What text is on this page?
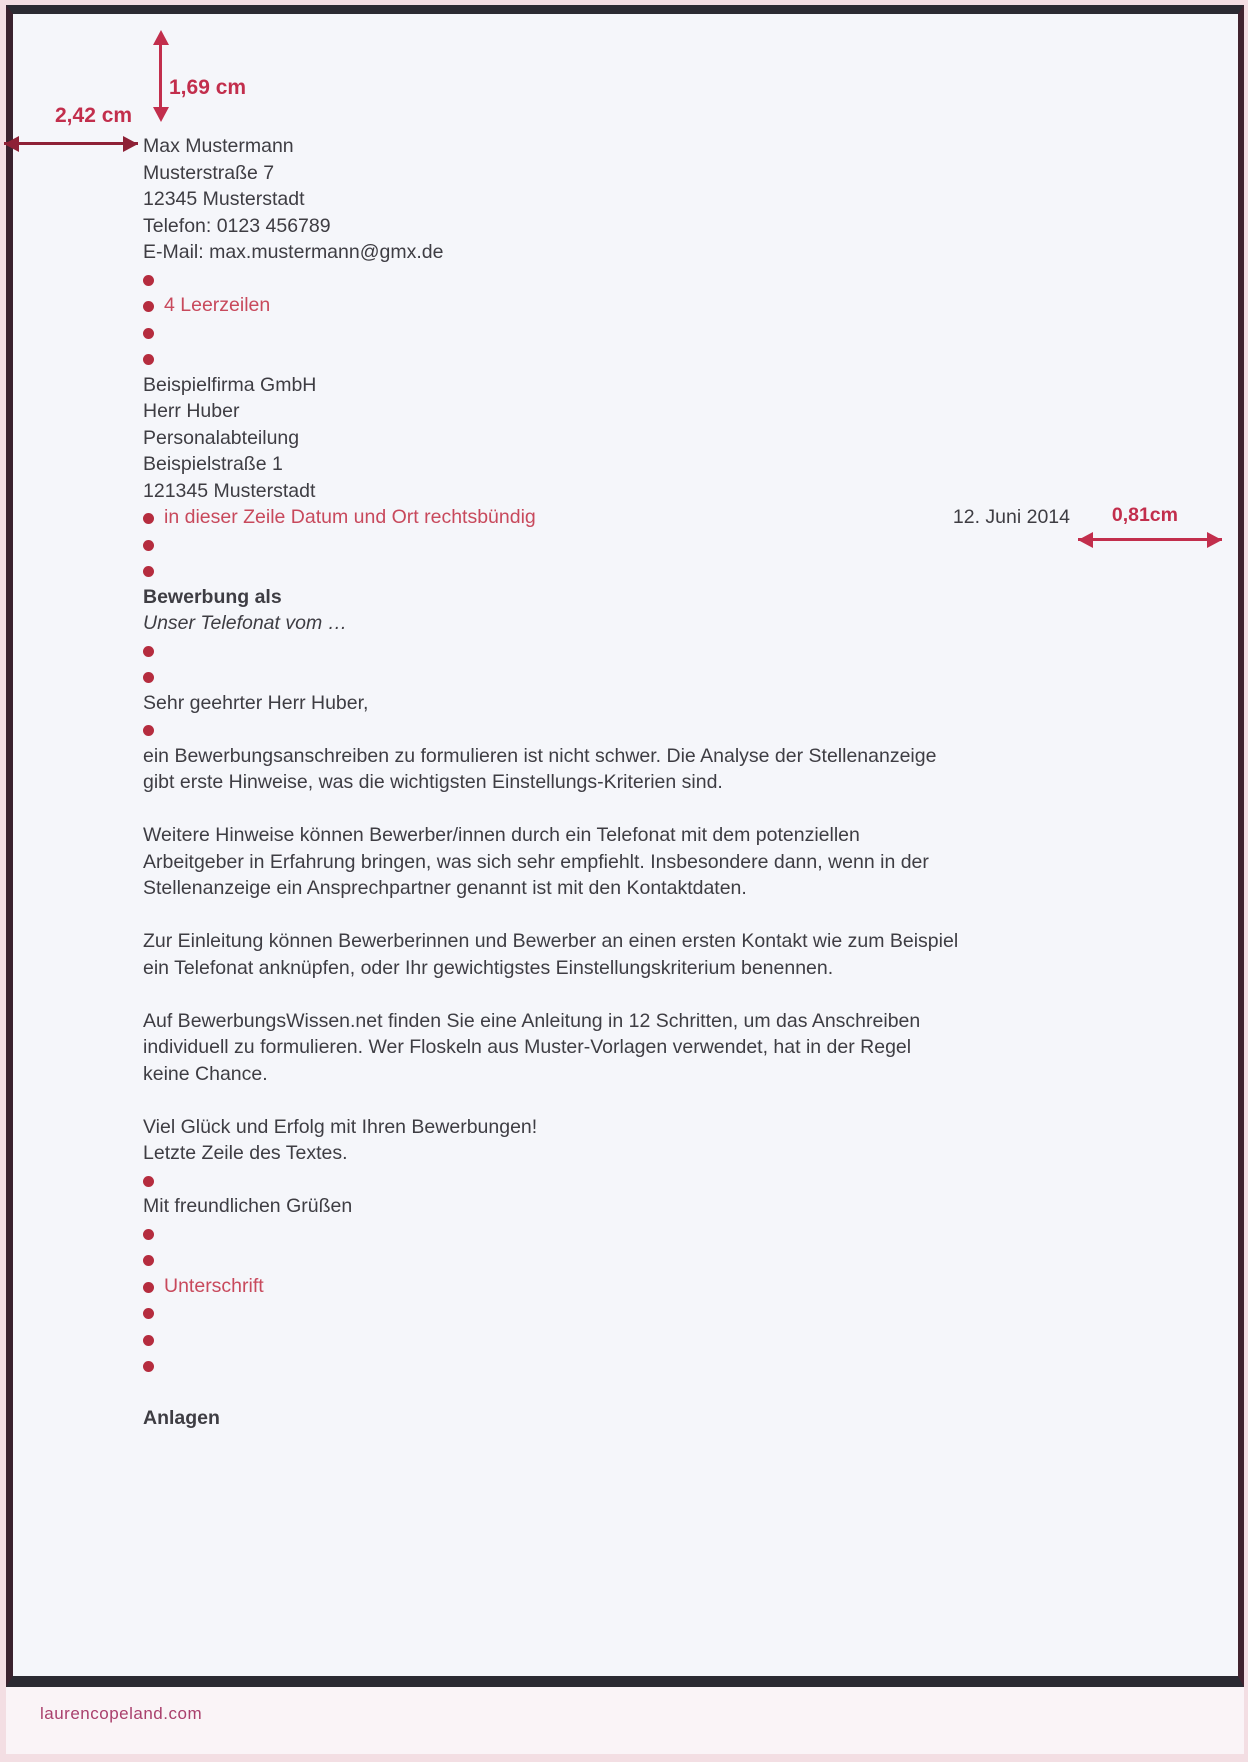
1,69 cm
2,42 cm
Max Mustermann
Musterstraße 7
12345 Musterstadt
Telefon: 0123 456789
E-Mail: max.mustermann@gmx.de
4 Leerzeilen
Beispielfirma GmbH
Herr Huber
Personalabteilung
Beispielstraße 1
121345 Musterstadt
in dieser Zeile Datum und Ort rechtsbündig	12. Juni 2014 0,81cm
Bewerbung als
Unser Telefonat vom …
Sehr geehrter Herr Huber,
ein Bewerbungsanschreiben zu formulieren ist nicht schwer. Die Analyse der Stellenanzeige
gibt erste Hinweise, was die wichtigsten Einstellungs-Kriterien sind.
Weitere Hinweise können Bewerber/innen durch ein Telefonat mit dem potenziellen
Arbeitgeber in Erfahrung bringen, was sich sehr empfiehlt. Insbesondere dann, wenn in der
Stellenanzeige ein Ansprechpartner genannt ist mit den Kontaktdaten.
Zur Einleitung können Bewerberinnen und Bewerber an einen ersten Kontakt wie zum Beispiel
ein Telefonat anknüpfen, oder Ihr gewichtigstes Einstellungskriterium benennen.
Auf BewerbungsWissen.net finden Sie eine Anleitung in 12 Schritten, um das Anschreiben
individuell zu formulieren. Wer Floskeln aus Muster-Vorlagen verwendet, hat in der Regel
keine Chance.
Viel Glück und Erfolg mit Ihren Bewerbungen!
Letzte Zeile des Textes.
Mit freundlichen Grüßen
Unterschrift
Anlagen
laurencopeland.com
